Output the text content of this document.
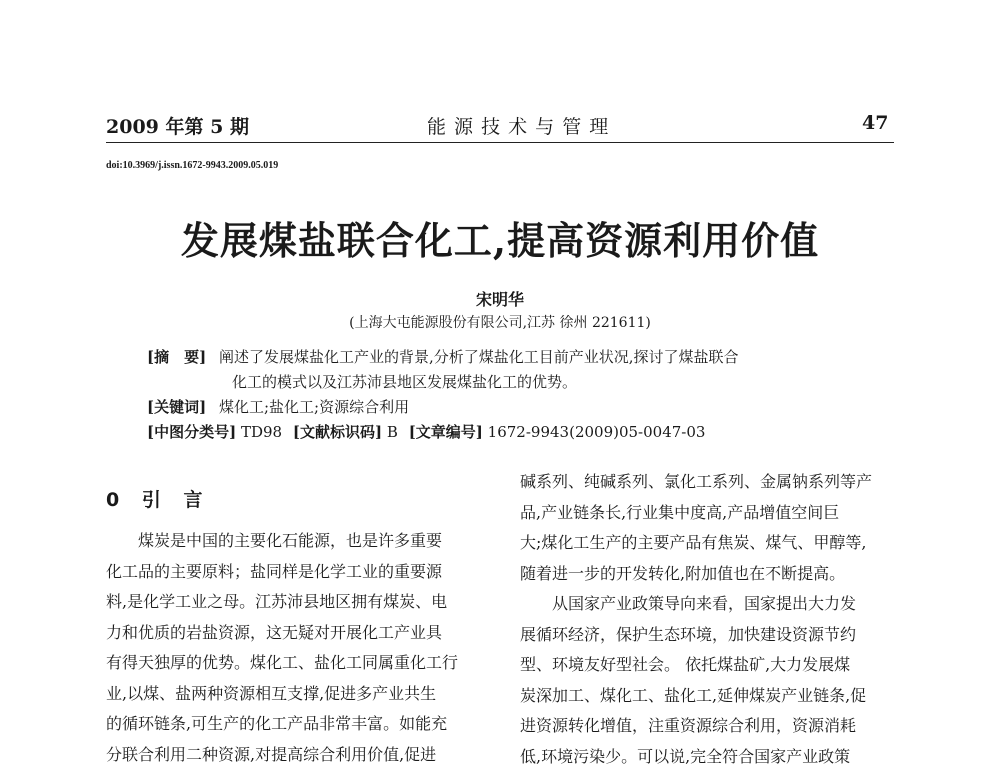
2009 年第 5 期	能 源 技 术 与 管 理	47
doi:10.3969/j.issn.1672-9943.2009.05.019
发展煤盐联合化工,提高资源利用价值
宋明华
(上海大屯能源股份有限公司,江苏 徐州 221611)
[摘　要] 阐述了发展煤盐化工产业的背景,分析了煤盐化工目前产业状况,探讨了煤盐联合
化工的模式以及江苏沛县地区发展煤盐化工的优势。
[关键词] 煤化工;盐化工;资源综合利用
[中图分类号] TD98 [文献标识码] B [文章编号] 1672-9943(2009)05-0047-03
0 引 言

　　煤炭是中国的主要化石能源，也是许多重要

化工品的主要原料；盐同样是化学工业的重要源

料,是化学工业之母。江苏沛县地区拥有煤炭、电

力和优质的岩盐资源，这无疑对开展化工产业具

有得天独厚的优势。煤化工、盐化工同属重化工行

业,以煤、盐两种资源相互支撑,促进多产业共生

的循环链条,可生产的化工产品非常丰富。如能充

分联合利用二种资源,对提高综合利用价值,促进

碱系列、纯碱系列、氯化工系列、金属钠系列等产

品,产业链条长,行业集中度高,产品增值空间巨

大;煤化工生产的主要产品有焦炭、煤气、甲醇等,

随着进一步的开发转化,附加值也在不断提高。

　　从国家产业政策导向来看，国家提出大力发

展循环经济，保护生态环境，加快建设资源节约

型、环境友好型社会。 依托煤盐矿,大力发展煤

炭深加工、煤化工、盐化工,延伸煤炭产业链条,促

进资源转化增值，注重资源综合利用，资源消耗

低,环境污染少。可以说,完全符合国家产业政策
